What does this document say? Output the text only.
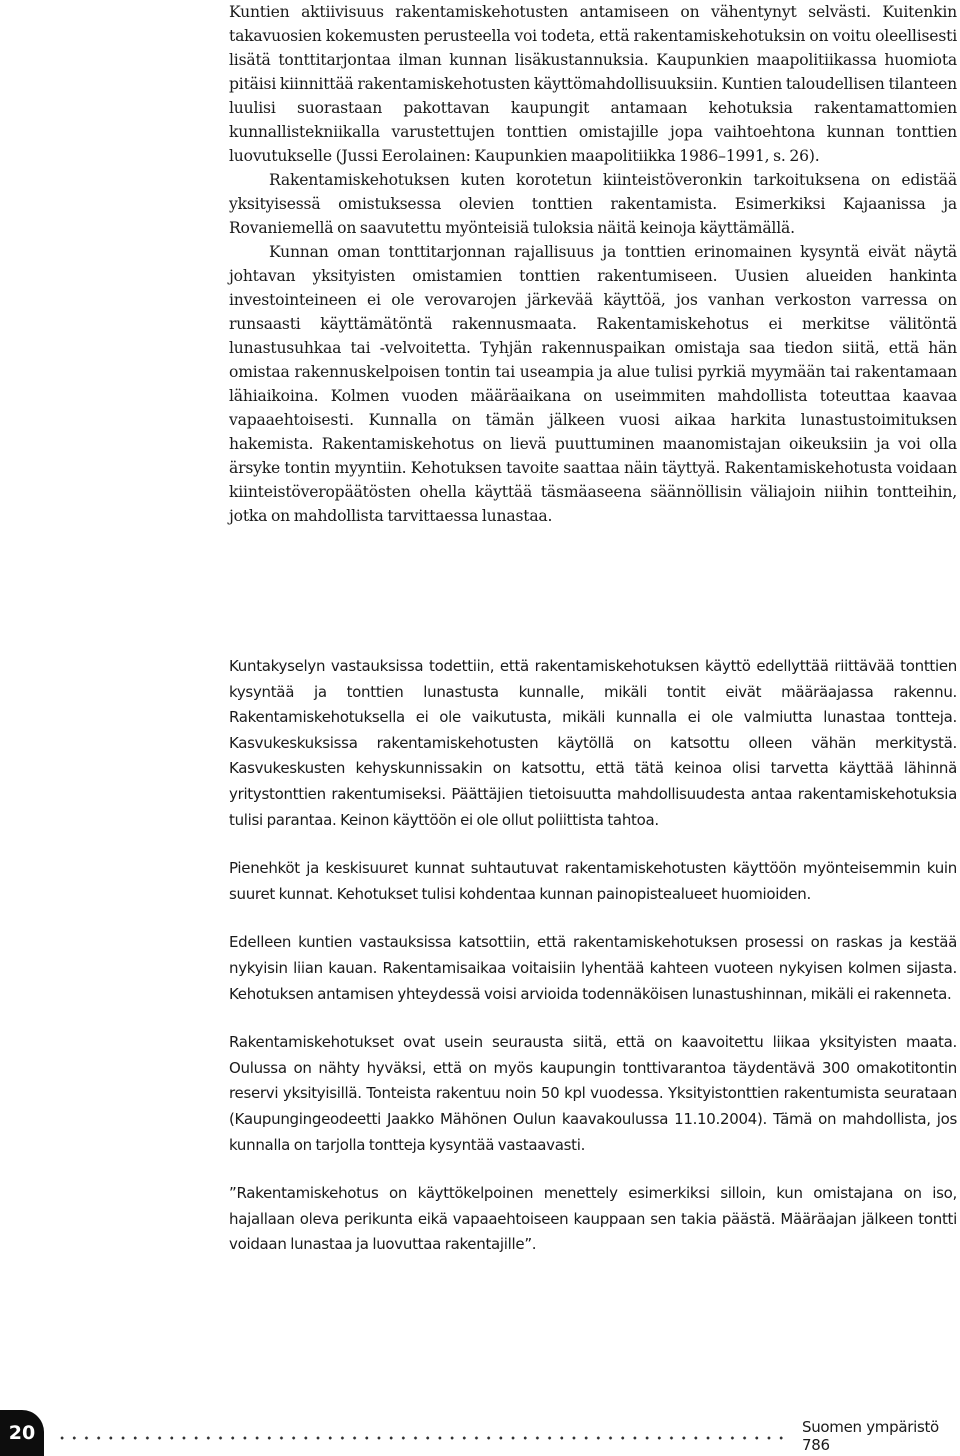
Kuntien aktiivisuus rakentamiskehotusten antamiseen on vähentynyt selvästi. Kuitenkin takavuosien kokemusten perusteella voi todeta, että rakentamiskehotuksin on voitu oleellisesti lisätä tonttitarjontaa ilman kunnan lisäkustannuksia. Kaupunkien maapolitiikassa huomiota pitäisi kiinnittää rakentamiskehotusten käyttömahdollisuuksiin. Kuntien taloudellisen tilanteen luulisi suorastaan pakottavan kaupungit antamaan kehotuksia rakentamattomien kunnallistekniikalla varustettujen tonttien omistajille jopa vaihtoehtona kunnan tonttien luovutukselle (Jussi Eerolainen: Kaupunkien maapolitiikka 1986–1991, s. 26).

Rakentamiskehotuksen kuten korotetun kiinteistöveronkin tarkoituksena on edistää yksityisessä omistuksessa olevien tonttien rakentamista. Esimerkiksi Kajaanissa ja Rovaniemellä on saavutettu myönteisiä tuloksia näitä keinoja käyttämällä.

Kunnan oman tonttitarjonnan rajallisuus ja tonttien erinomainen kysyntä eivät näytä johtavan yksityisten omistamien tonttien rakentumiseen. Uusien alueiden hankinta investointeineen ei ole verovarojen järkevää käyttöä, jos vanhan verkoston varressa on runsaasti käyttämätöntä rakennusmaata. Rakentamiskehotus ei merkitse välitöntä lunastusuhkaa tai -velvoitetta. Tyhjän rakennuspaikan omistaja saa tiedon siitä, että hän omistaa rakennuskelpoisen tontin tai useampia ja alue tulisi pyrkiä myymään tai rakentamaan lähiaikoina. Kolmen vuoden määräaikana on useimmiten mahdollista toteuttaa kaavaa vapaaehtoisesti. Kunnalla on tämän jälkeen vuosi aikaa harkita lunastustoimituksen hakemista. Rakentamiskehotus on lievä puuttuminen maanomistajan oikeuksiin ja voi olla ärsyke tontin myyntiin. Kehotuksen tavoite saattaa näin täyttyä. Rakentamiskehotusta voidaan kiinteistöveropäätösten ohella käyttää täsmäaseena säännöllisin väliajoin niihin tontteihin, jotka on mahdollista tarvittaessa lunastaa.

Kuntakyselyn vastauksissa todettiin, että rakentamiskehotuksen käyttö edellyttää riittävää tonttien kysyntää ja tonttien lunastusta kunnalle, mikäli tontit eivät määräajassa rakennu. Rakentamiskehotuksella ei ole vaikutusta, mikäli kunnalla ei ole valmiutta lunastaa tontteja. Kasvukeskuksissa rakentamiskehotusten käytöllä on katsottu olleen vähän merkitystä. Kasvukeskusten kehyskunnissakin on katsottu, että tätä keinoa olisi tarvetta käyttää lähinnä yritystonttien rakentumiseksi. Päättäjien tietoisuutta mahdollisuudesta antaa rakentamiskehotuksia tulisi parantaa. Keinon käyttöön ei ole ollut poliittista tahtoa.

Pienehköt ja keskisuuret kunnat suhtautuvat rakentamiskehotusten käyttöön myönteisemmin kuin suuret kunnat. Kehotukset tulisi kohdentaa kunnan painopistealueet huomioiden.

Edelleen kuntien vastauksissa katsottiin, että rakentamiskehotuksen prosessi on raskas ja kestää nykyisin liian kauan. Rakentamisaikaa voitaisiin lyhentää kahteen vuoteen nykyisen kolmen sijasta. Kehotuksen antamisen yhteydessä voisi arvioida todennäköisen lunastushinnan, mikäli ei rakenneta.

Rakentamiskehotukset ovat usein seurausta siitä, että on kaavoitettu liikaa yksityisten maata. Oulussa on nähty hyväksi, että on myös kaupungin tonttivarantoa täydentävä 300 omakotitontin reservi yksityisillä. Tonteista rakentuu noin 50 kpl vuodessa. Yksityistonttien rakentumista seurataan (Kaupungingeodeetti Jaakko Mähönen Oulun kaavakoulussa 11.10.2004). Tämä on mahdollista, jos kunnalla on tarjolla tontteja kysyntää vastaavasti.

”Rakentamiskehotus on käyttökelpoinen menettely esimerkiksi silloin, kun omistajana on iso, hajallaan oleva perikunta eikä vapaaehtoiseen kauppaan sen takia päästä. Määräajan jälkeen tontti voidaan lunastaa ja luovuttaa rakentajille”.

20	Suomen ympäristö 786
